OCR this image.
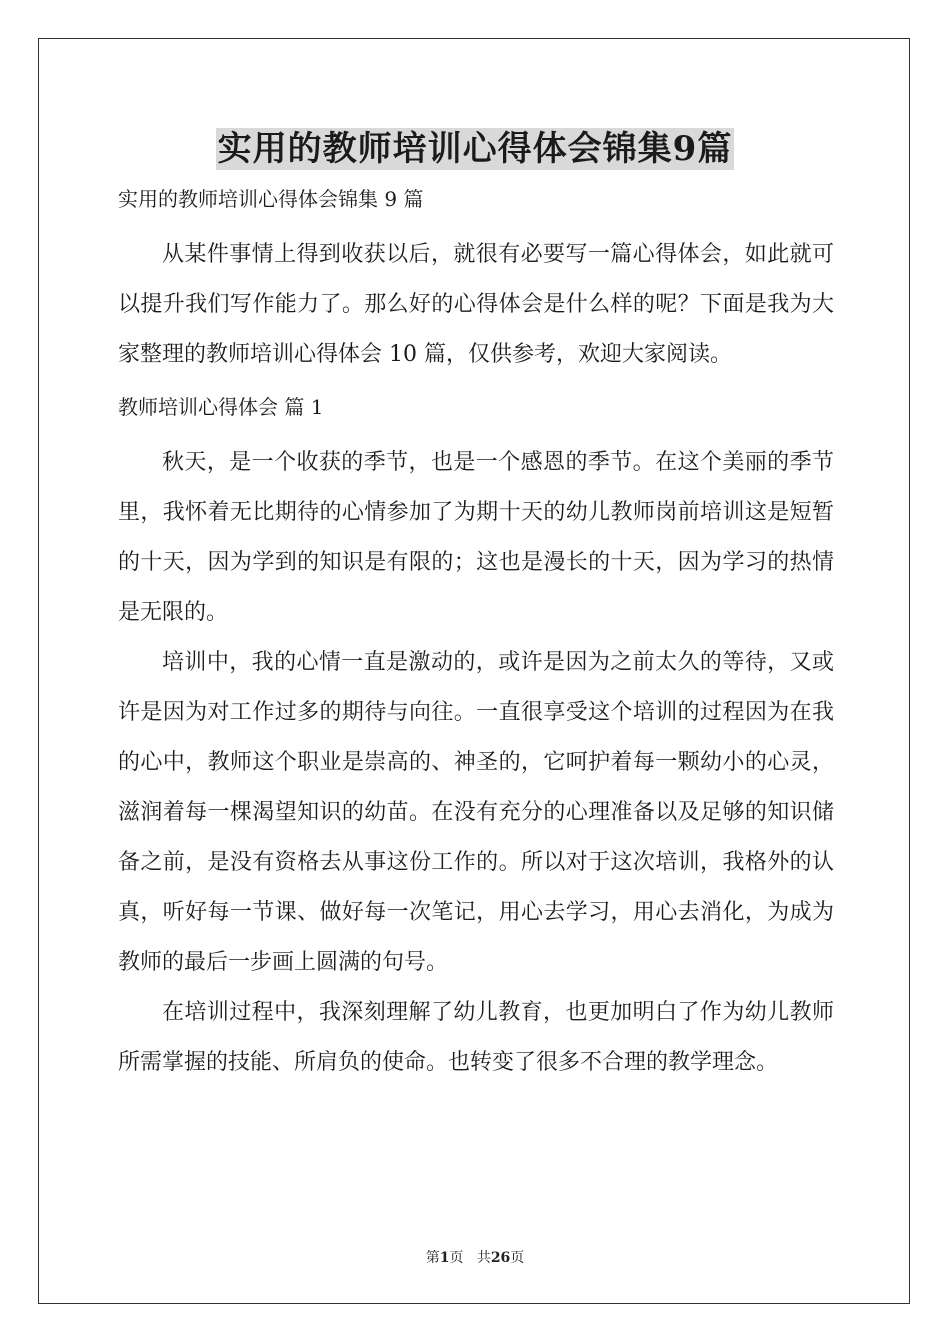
实用的教师培训心得体会锦集9篇

实用的教师培训心得体会锦集 9 篇

从某件事情上得到收获以后，就很有必要写一篇心得体会，如此就可以提升我们写作能力了。那么好的心得体会是什么样的呢？下面是我为大家整理的教师培训心得体会 10 篇，仅供参考，欢迎大家阅读。

教师培训心得体会 篇 1

秋天，是一个收获的季节，也是一个感恩的季节。在这个美丽的季节里，我怀着无比期待的心情参加了为期十天的幼儿教师岗前培训这是短暂的十天，因为学到的知识是有限的；这也是漫长的十天，因为学习的热情是无限的。

培训中，我的心情一直是激动的，或许是因为之前太久的等待，又或许是因为对工作过多的期待与向往。一直很享受这个培训的过程因为在我的心中，教师这个职业是崇高的、神圣的，它呵护着每一颗幼小的心灵，滋润着每一棵渴望知识的幼苗。在没有充分的心理准备以及足够的知识储备之前，是没有资格去从事这份工作的。所以对于这次培训，我格外的认真，听好每一节课、做好每一次笔记，用心去学习，用心去消化，为成为教师的最后一步画上圆满的句号。

在培训过程中，我深刻理解了幼儿教育，也更加明白了作为幼儿教师所需掌握的技能、所肩负的使命。也转变了很多不合理的教学理念。

第1页 共26页
